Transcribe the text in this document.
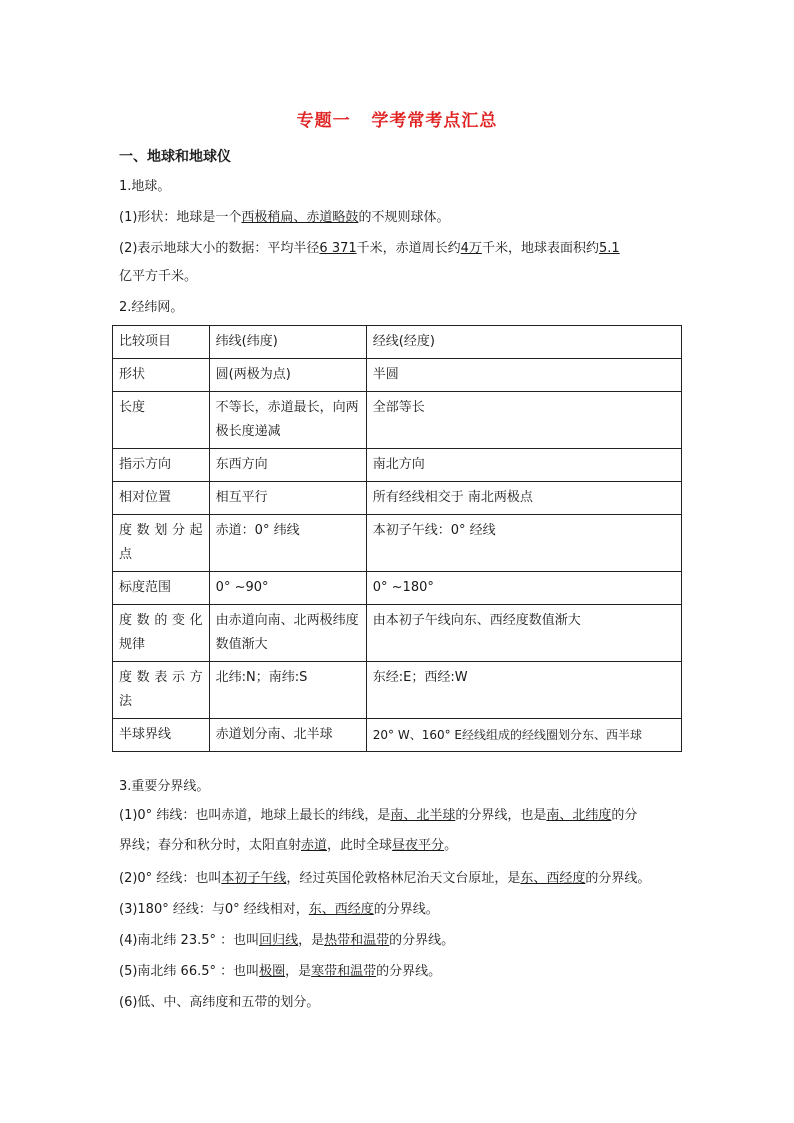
专题一 学考常考点汇总
一、地球和地球仪
1.地球。
(1)形状：地球是一个西极稍扁、赤道略鼓的不规则球体。
(2)表示地球大小的数据：平均半径6 371千米，赤道周长约4万千米，地球表面积约5.1
亿平方千米。
2.经纬网。
比较项目	纬线(纬度)	经线(经度)
形状	圆(两极为点)	半圆
长度	不等长，赤道最长，向两 极长度递减	全部等长
指示方向	东西方向	南北方向
相对位置	相互平行	所有经线相交于 南北两极点
度 数 划 分 起 点	赤道：0° 纬线	本初子午线：0° 经线
标度范围	0° ~90°	0° ~180°
度 数 的 变 化 规律	由赤道向南、北两极纬度数值渐大	由本初子午线向东、西经度数值渐大
度 数 表 示 方 法	北纬:N；南纬:S	东经:E；西经:W
半球界线	赤道划分南、北半球	20° W、160° E经线组成的经线圈划分东、西半球
3.重要分界线。
(1)0° 纬线：也叫赤道，地球上最长的纬线，是南、北半球的分界线，也是南、北纬度的分
界线；春分和秋分时，太阳直射赤道，此时全球昼夜平分。
(2)0° 经线：也叫本初子午线，经过英国伦敦格林尼治天文台原址，是东、西经度的分界线。
(3)180° 经线：与0° 经线相对，东、西经度的分界线。
(4)南北纬 23.5° ：也叫回归线，是热带和温带的分界线。
(5)南北纬 66.5° ：也叫极圈，是寒带和温带的分界线。
(6)低、中、高纬度和五带的划分。
